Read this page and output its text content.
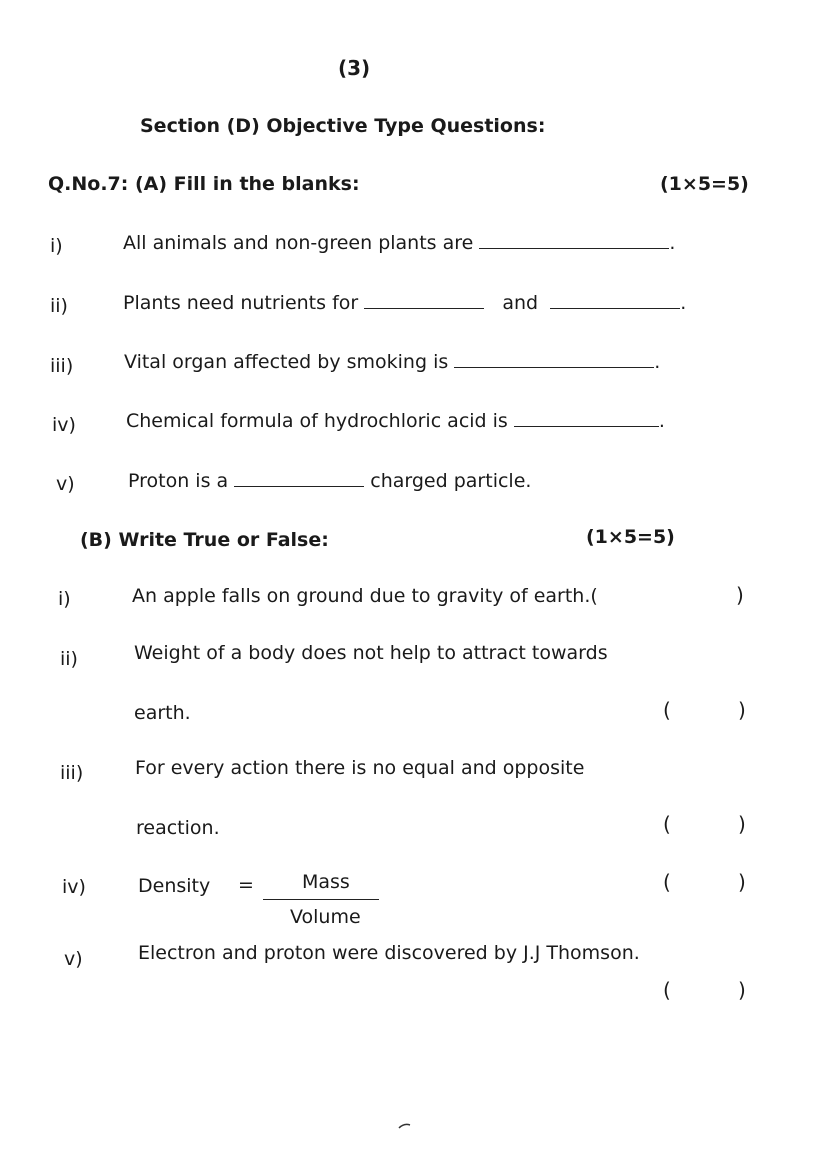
(3)
Section (D) Objective Type Questions:
Q.No.7: (A) Fill in the blanks:	(1×5=5)
i)	All animals and non-green plants are	.
ii)	Plants need nutrients for	and	.
iii)	Vital organ affected by smoking is	.
iv)	Chemical formula of hydrochloric acid is	.
v)	Proton is a	charged particle.
(B) Write True or False:	(1×5=5)
i)	An apple falls on ground due to gravity of earth.(	)
ii)	Weight of a body does not help to attract towards
earth.	(	)
iii)	For every action there is no equal and opposite
reaction.	(	)
iv)	Density =	Mass
Volume
(	)
v)	Electron and proton were discovered by J.J Thomson.
(	)
